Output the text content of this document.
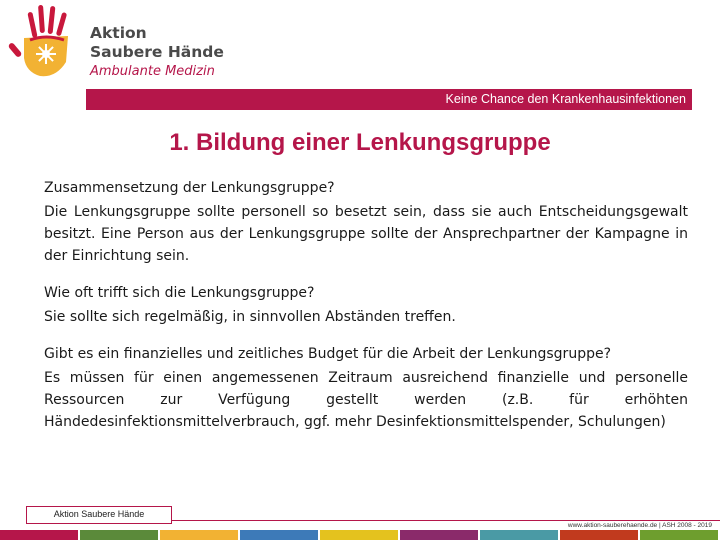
Aktion
Saubere Hände
Ambulante Medizin
Keine Chance den Krankenhausinfektionen
1. Bildung einer Lenkungsgruppe

Zusammensetzung der Lenkungsgruppe?

Die Lenkungsgruppe sollte personell so besetzt sein, dass sie auch Entscheidungsgewalt besitzt. Eine Person aus der Lenkungsgruppe sollte der Ansprechpartner der Kampagne in der Einrichtung sein.

Wie oft trifft sich die Lenkungsgruppe?

Sie sollte sich regelmäßig, in sinnvollen Abständen treffen.

Gibt es ein finanzielles und zeitliches Budget für die Arbeit der Lenkungsgruppe?

Es müssen für einen angemessenen Zeitraum ausreichend finanzielle und personelle Ressourcen zur Verfügung gestellt werden (z.B. für erhöhten Händedesinfektionsmittelverbrauch, ggf. mehr Desinfektionsmittelspender, Schulungen)

Aktion Saubere Hände
www.aktion-sauberehaende.de | ASH 2008 - 2019
